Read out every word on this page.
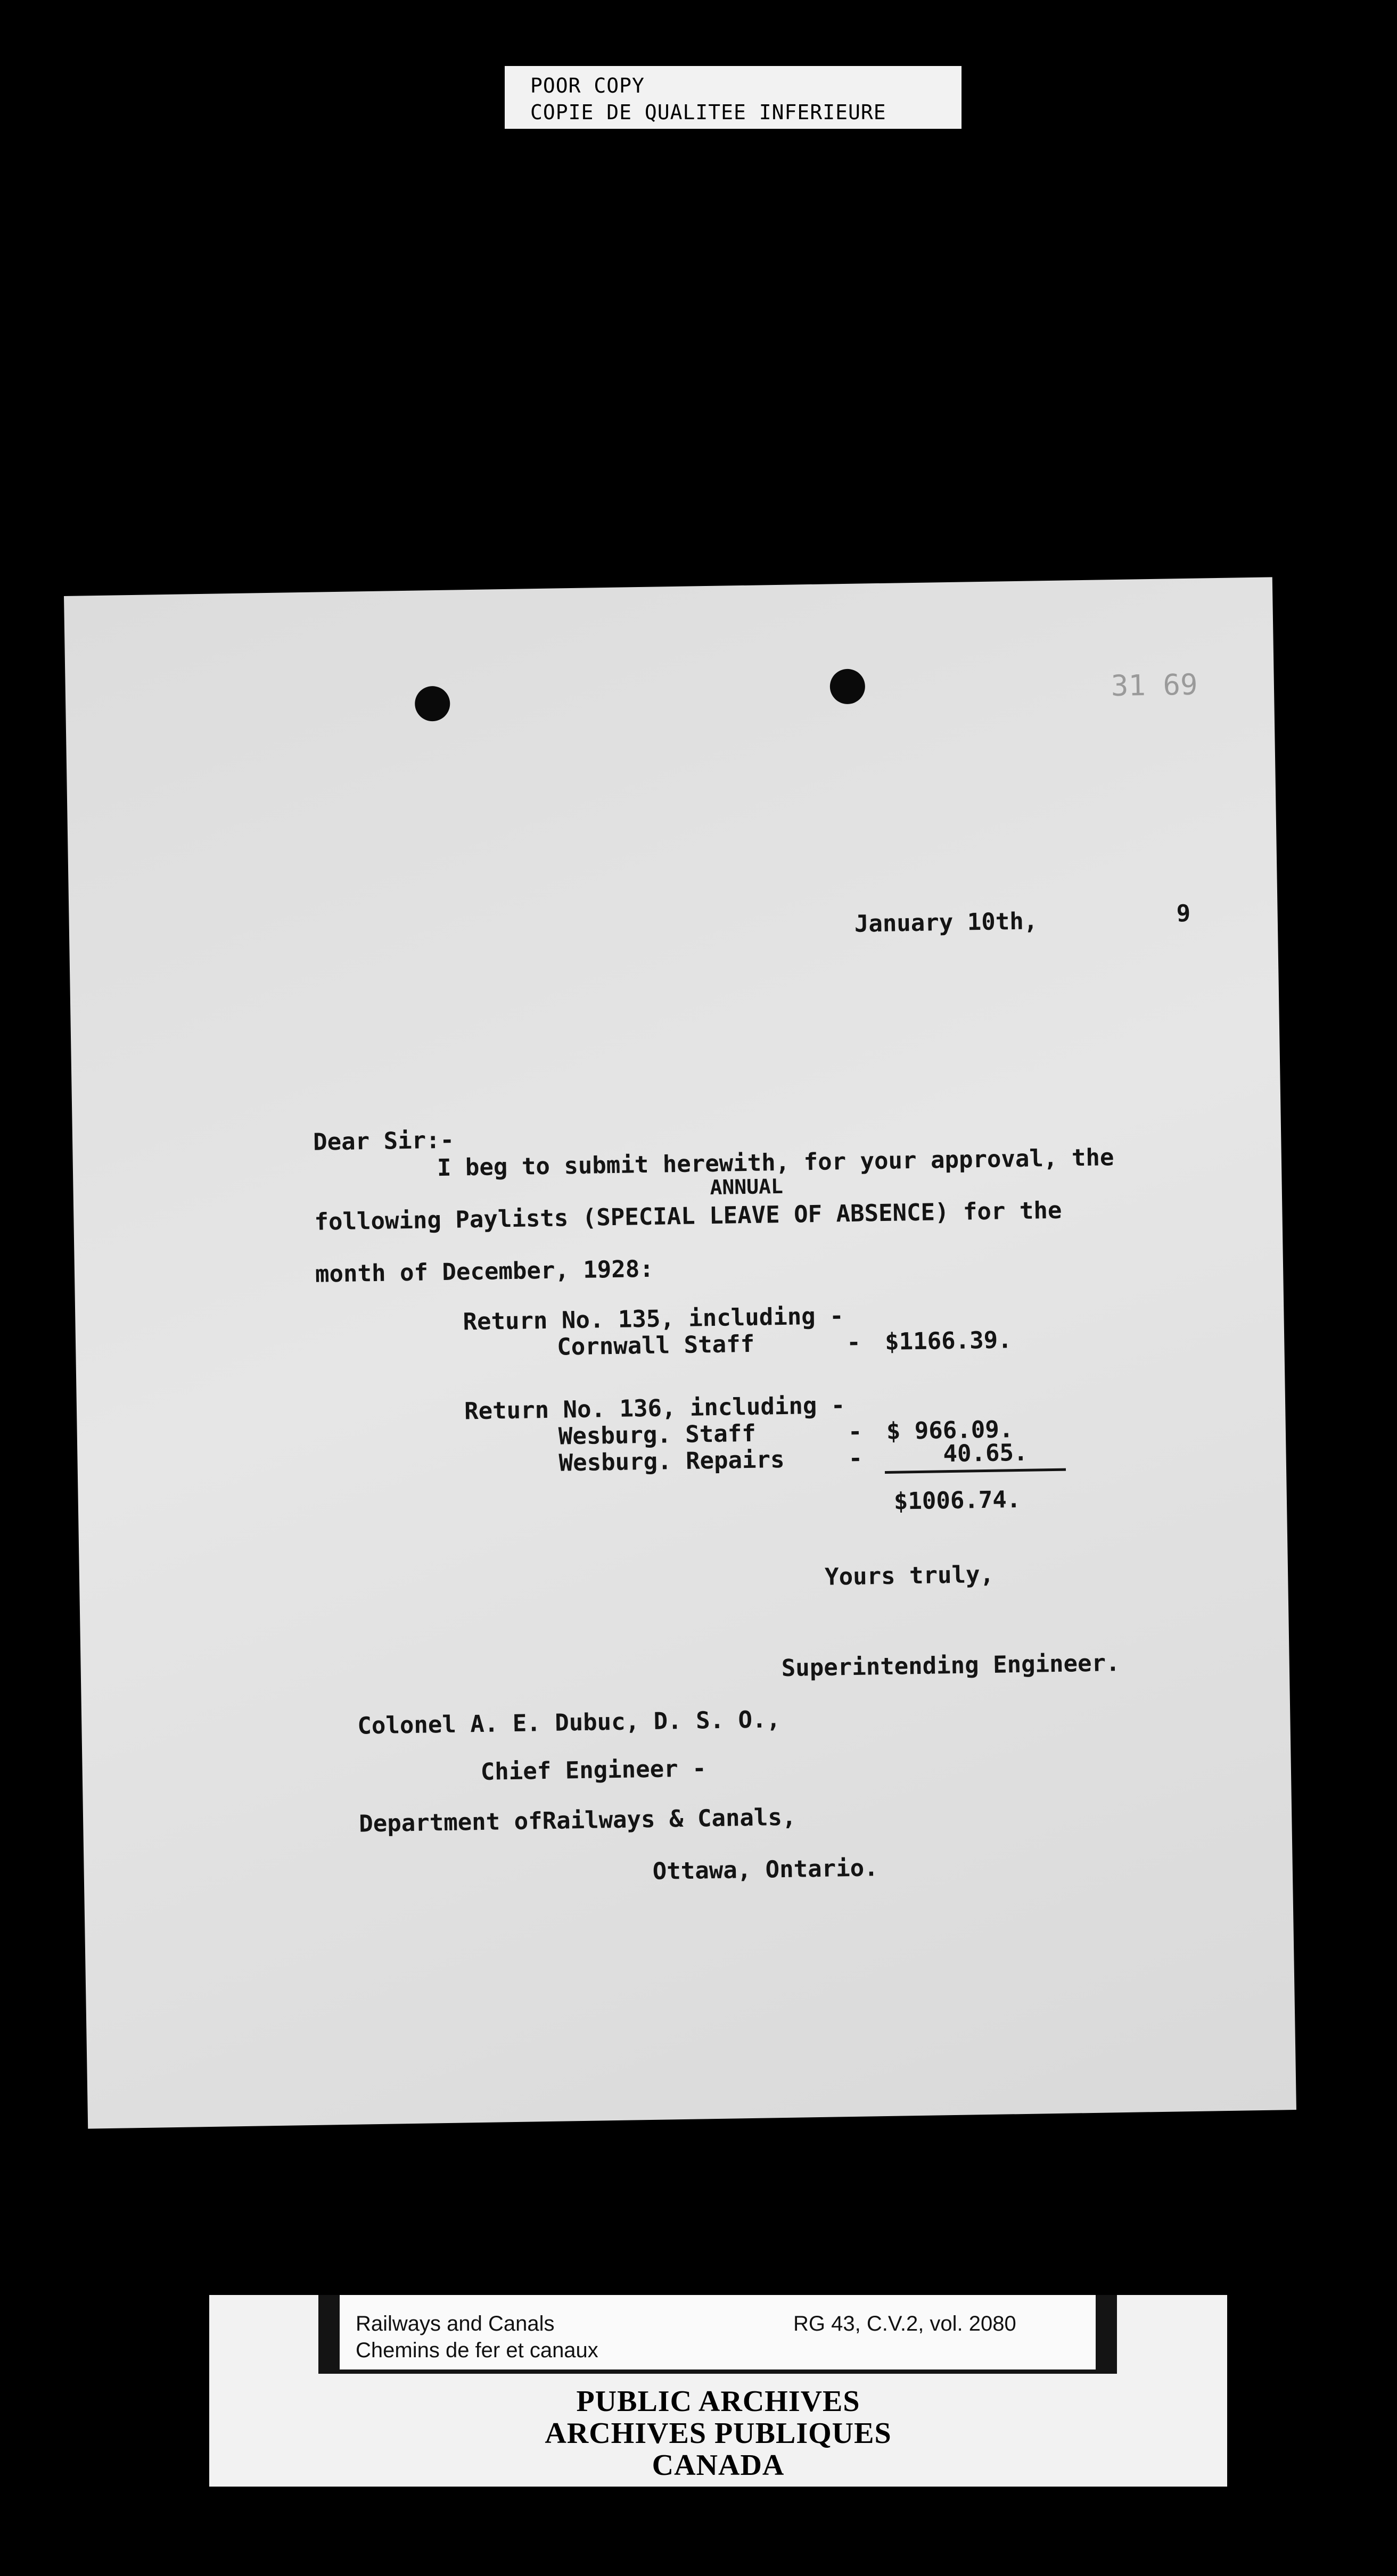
POOR COPY
COPIE DE QUALITEE INFERIEURE
31 69
January 10th,	9
Dear Sir:-
I beg to submit herewith, for your approval, the
ANNUAL
following Paylists (SPECIAL LEAVE OF ABSENCE) for the
month of December, 1928:
Return No. 135, including -
Cornwall Staff	- $1166.39.
Return No. 136, including -
Wesburg. Staff	- $ 966.09.
Wesburg. Repairs	-	40.65.
$1006.74.
Yours truly,
Superintending Engineer.
Colonel A. E. Dubuc, D. S. O.,
Chief Engineer -
Department ofRailways & Canals,
Ottawa, Ontario.
Railways and Canals
Chemins de fer et canaux
RG 43, C.V.2, vol. 2080
PUBLIC ARCHIVES
ARCHIVES PUBLIQUES
CANADA
